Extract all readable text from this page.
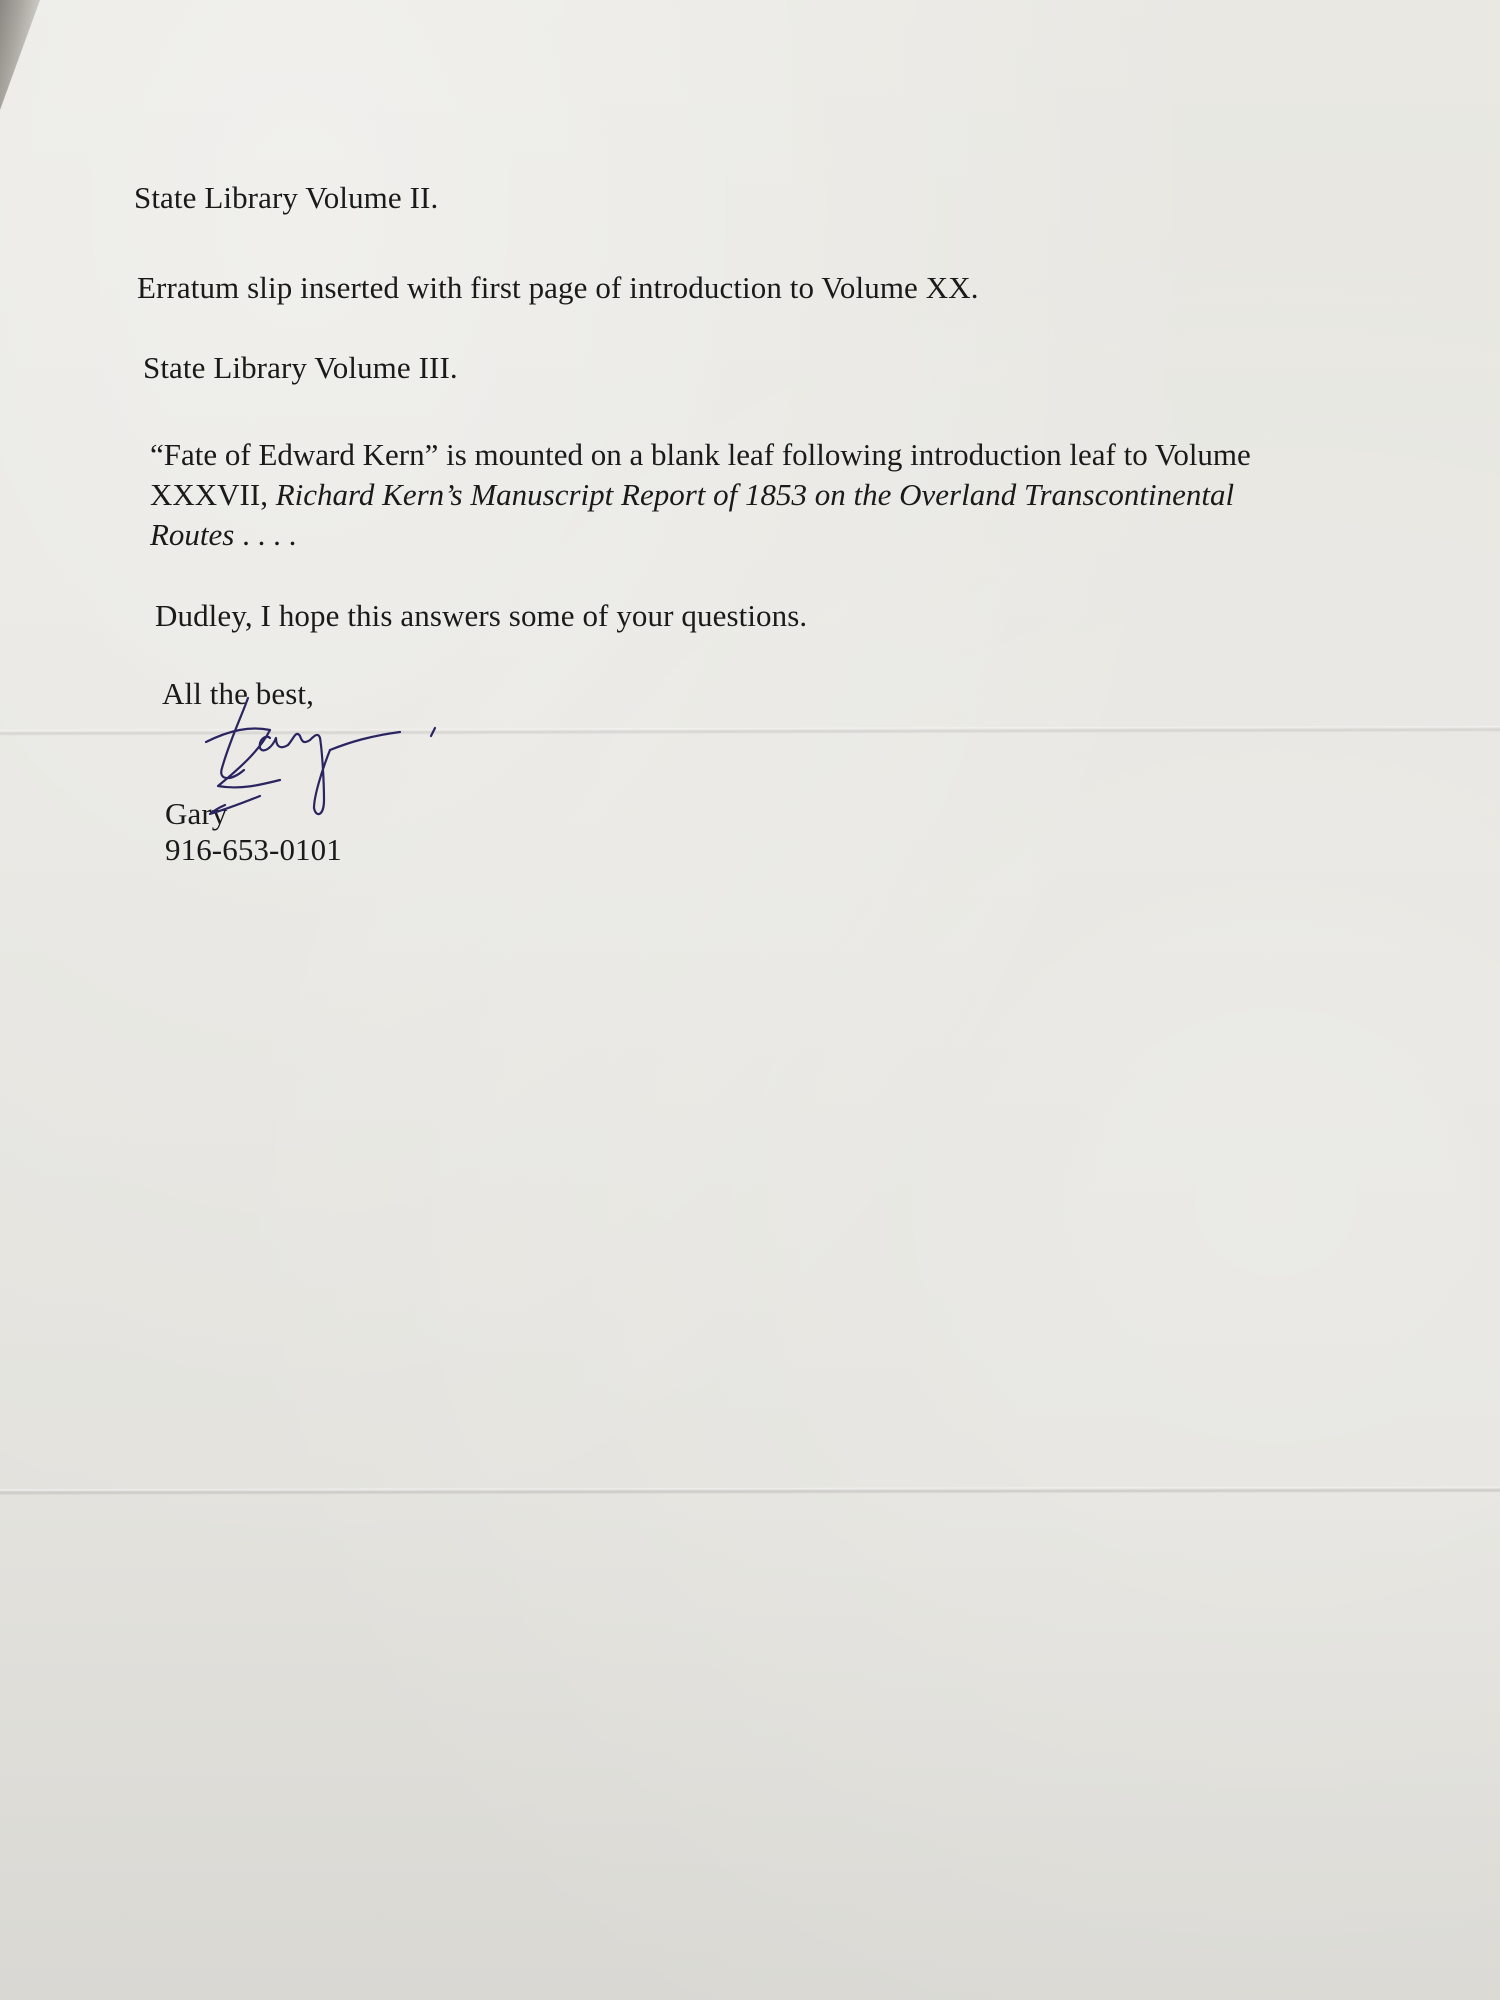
State Library Volume II.
Erratum slip inserted with first page of introduction to Volume XX.
State Library Volume III.
“Fate of Edward Kern” is mounted on a blank leaf following introduction leaf to Volume
XXXVII, Richard Kern’s Manuscript Report of 1853 on the Overland Transcontinental
Routes . . . .
Dudley, I hope this answers some of your questions.
All the best,
Gary
916-653-0101
